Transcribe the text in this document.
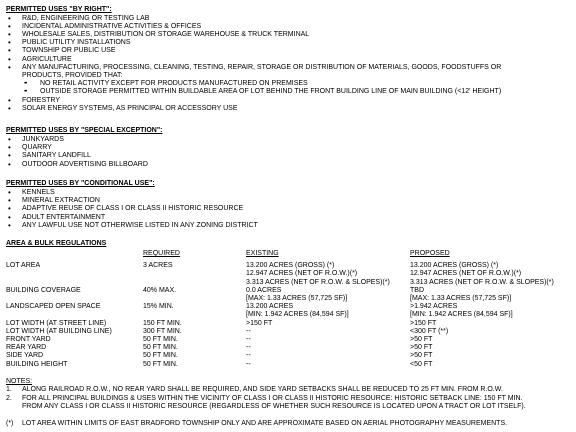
PERMITTED USES "BY RIGHT":
• R&D, ENGINEERING OR TESTING LAB
• INCIDENTAL ADMINISTRATIVE ACTIVITIES & OFFICES
• WHOLESALE SALES, DISTRIBUTION OR STORAGE WAREHOUSE & TRUCK TERMINAL
• PUBLIC UTILITY INSTALLATIONS
• TOWNSHIP OR PUBLIC USE
• AGRICULTURE
• ANY MANUFACTURING, PROCESSING, CLEANING, TESTING, REPAIR, STORAGE OR DISTRIBUTION OF MATERIALS, GOODS, FOODSTUFFS OR
PRODUCTS, PROVIDED THAT:
•• NO RETAIL ACTIVITY EXCEPT FOR PRODUCTS MANUFACTURED ON PREMISES
•• OUTSIDE STORAGE PERMITTED WITHIN BUILDABLE AREA OF LOT BEHIND THE FRONT BUILDING LINE OF MAIN BUILDING (<12' HEIGHT)
• FORESTRY
• SOLAR ENERGY SYSTEMS, AS PRINCIPAL OR ACCESSORY USE
PERMITTED USES BY "SPECIAL EXCEPTION":
• JUNKYARDS
• QUARRY
• SANITARY LANDFILL
• OUTDOOR ADVERTISING BILLBOARD
PERMITTED USES BY "CONDITIONAL USE":
• KENNELS
• MINERAL EXTRACTION
• ADAPTIVE REUSE OF CLASS I OR CLASS II HISTORIC RESOURCE
• ADULT ENTERTAINMENT
• ANY LAWFUL USE NOT OTHERWISE LISTED IN ANY ZONING DISTRICT
AREA & BULK REGULATIONS
	REQUIRED	EXISTING	PROPOSED

LOT AREA	3 ACRES	13.200 ACRES (GROSS) (*)	13.200 ACRES (GROSS) (*)
		12.947 ACRES (NET OF R.O.W.)(*)	12.947 ACRES (NET OF R.O.W.)(*)
		3.313 ACRES (NET OF R.O.W. & SLOPES)(*)	3.313 ACRES (NET OF R.O.W. & SLOPES)(*)
BUILDING COVERAGE	40% MAX.	0.0 ACRES	TBD
		[MAX: 1.33 ACRES (57,725 SF)]	[MAX: 1.33 ACRES (57,725 SF)]
LANDSCAPED OPEN SPACE	15% MIN.	13.200 ACRES	>1.942 ACRES
		[MIN: 1.942 ACRES (84,594 SF)]	[MIN: 1.942 ACRES (84,594 SF)]
LOT WIDTH (AT STREET LINE)	150 FT MIN.	>150 FT	>150 FT
LOT WIDTH (AT BUILDING LINE)	300 FT MIN.	--	<300 FT (**)
FRONT YARD	50 FT MIN.	--	>50 FT
REAR YARD	50 FT MIN.	--	>50 FT
SIDE YARD	50 FT MIN.	--	>50 FT
BUILDING HEIGHT	50 FT MIN.	--	<50 FT
NOTES:
1. ALONG RAILROAD R.O.W., NO REAR YARD SHALL BE REQUIRED, AND SIDE YARD SETBACKS SHALL BE REDUCED TO 25 FT MIN. FROM R.O.W.
2. FOR ALL PRINCIPAL BUILDINGS & USES WITHIN THE VICINITY OF CLASS I OR CLASS II HISTORIC RESOURCE: HISTORIC SETBACK LINE: 150 FT MIN.
FROM ANY CLASS I OR CLASS II HISTORIC RESOURCE (REGARDLESS OF WHETHER SUCH RESOURCE IS LOCATED UPON A TRACT OR LOT ITSELF).
(*) LOT AREA WITHIN LIMITS OF EAST BRADFORD TOWNSHIP ONLY AND ARE APPROXIMATE BASED ON AERIAL PHOTOGRAPHY MEASUREMENTS.
